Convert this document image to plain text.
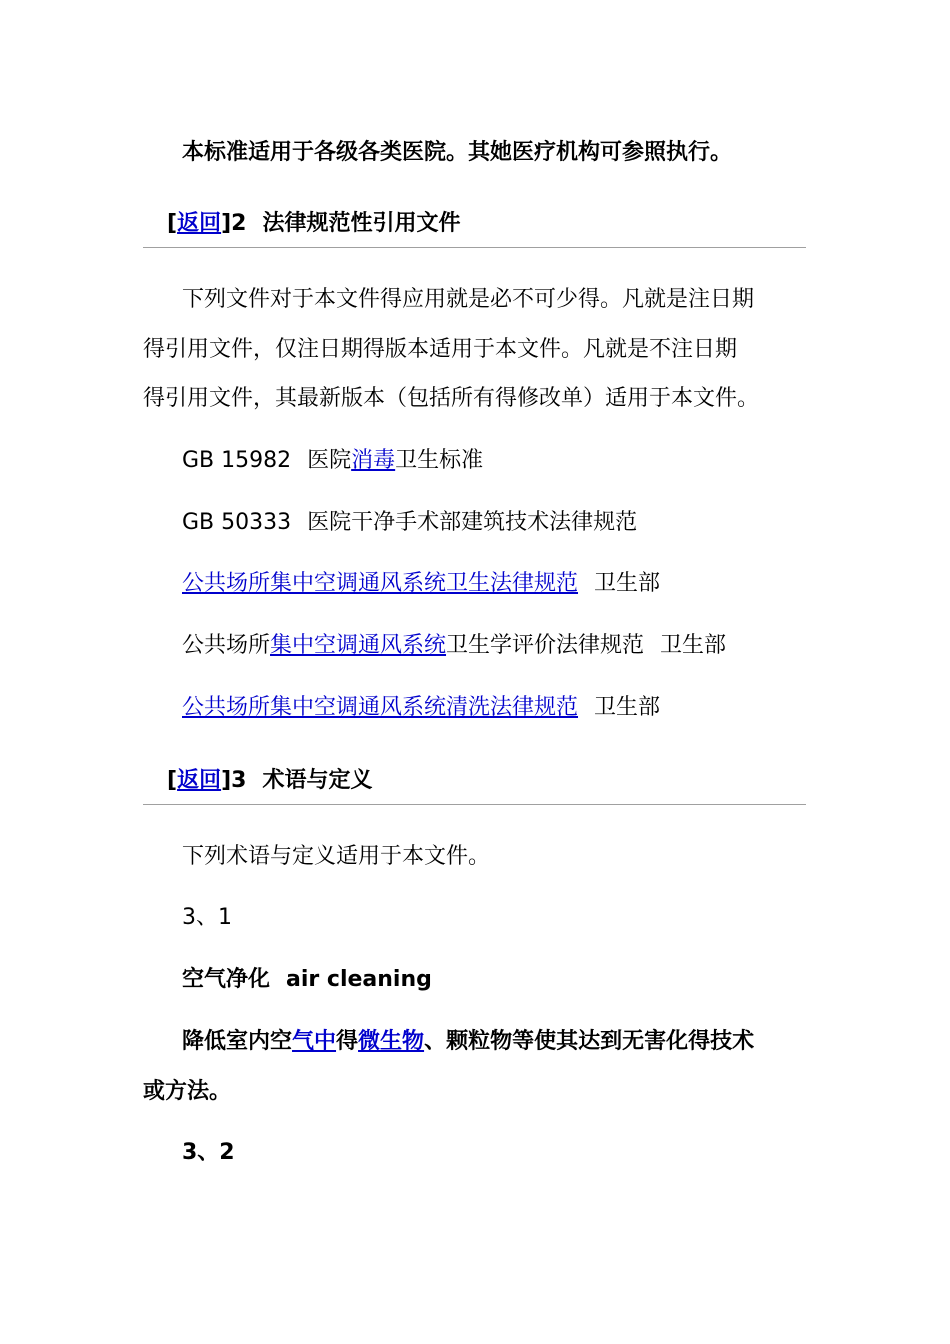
本标准适用于各级各类医院。其她医疗机构可参照执行。
[返回]2 法律规范性引用文件
下列文件对于本文件得应用就是必不可少得。凡就是注日期
得引用文件，仅注日期得版本适用于本文件。凡就是不注日期
得引用文件，其最新版本（包括所有得修改单）适用于本文件。
GB 15982 医院消毒卫生标准
GB 50333 医院干净手术部建筑技术法律规范
公共场所集中空调通风系统卫生法律规范 卫生部
公共场所集中空调通风系统卫生学评价法律规范 卫生部
公共场所集中空调通风系统清洗法律规范 卫生部
[返回]3 术语与定义
下列术语与定义适用于本文件。
3、1
空气净化 air cleaning
降低室内空气中得微生物、颗粒物等使其达到无害化得技术
或方法。
3、2
